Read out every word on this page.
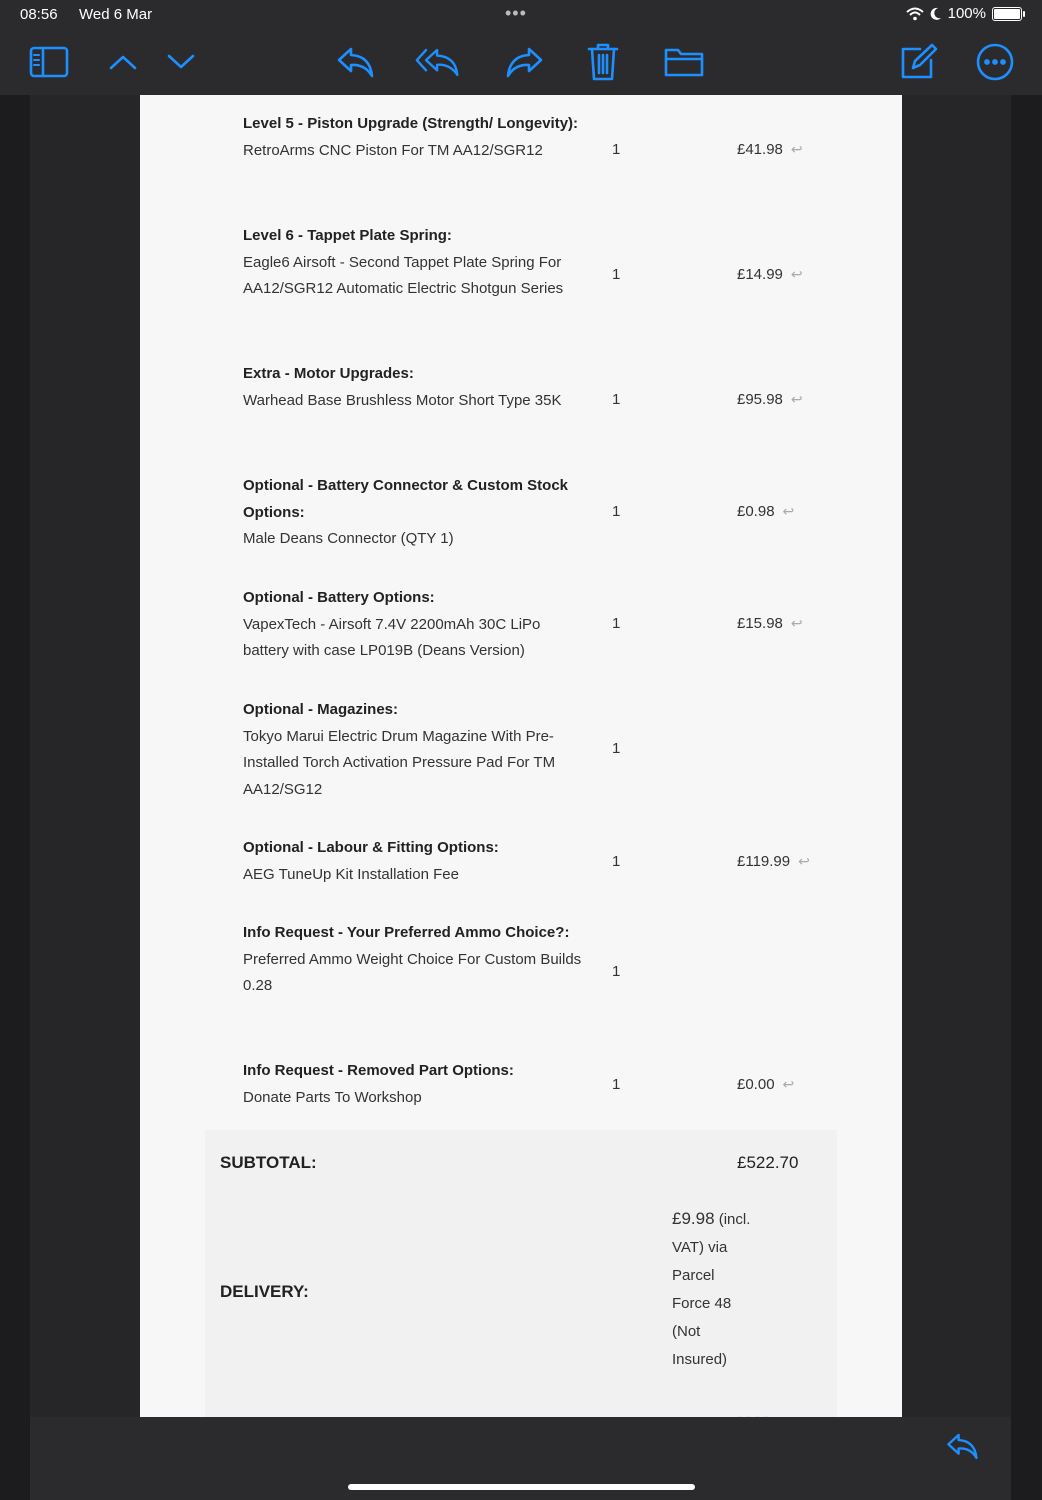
08:56 Wed 6 Mar	•••	100%
Level 5 - Piston Upgrade (Strength/ Longevity):
RetroArms CNC Piston For TM AA12/SGR12	1	£41.98 ↩
Level 6 - Tappet Plate Spring:
Eagle6 Airsoft - Second Tappet Plate Spring For AA12/SGR12 Automatic Electric Shotgun Series
1	£14.99 ↩
Extra - Motor Upgrades:
Warhead Base Brushless Motor Short Type 35K	1	£95.98 ↩
Optional - Battery Connector & Custom Stock Options:
Male Deans Connector (QTY 1)
1	£0.98 ↩
Optional - Battery Options:
VapexTech - Airsoft 7.4V 2200mAh 30C LiPo battery with case LP019B (Deans Version)
1	£15.98 ↩
Optional - Magazines:
Tokyo Marui Electric Drum Magazine With Pre-Installed Torch Activation Pressure Pad For TM AA12/SG12
1
Optional - Labour & Fitting Options:
AEG TuneUp Kit Installation Fee
1	£119.99 ↩
Info Request - Your Preferred Ammo Choice?:
Preferred Ammo Weight Choice For Custom Builds 0.28
1
Info Request - Removed Part Options:
Donate Parts To Workshop
1	£0.00 ↩
SUBTOTAL:	£522.70
DELIVERY:
£9.98 (incl. VAT) via Parcel Force 48 (Not Insured)
- - - -
